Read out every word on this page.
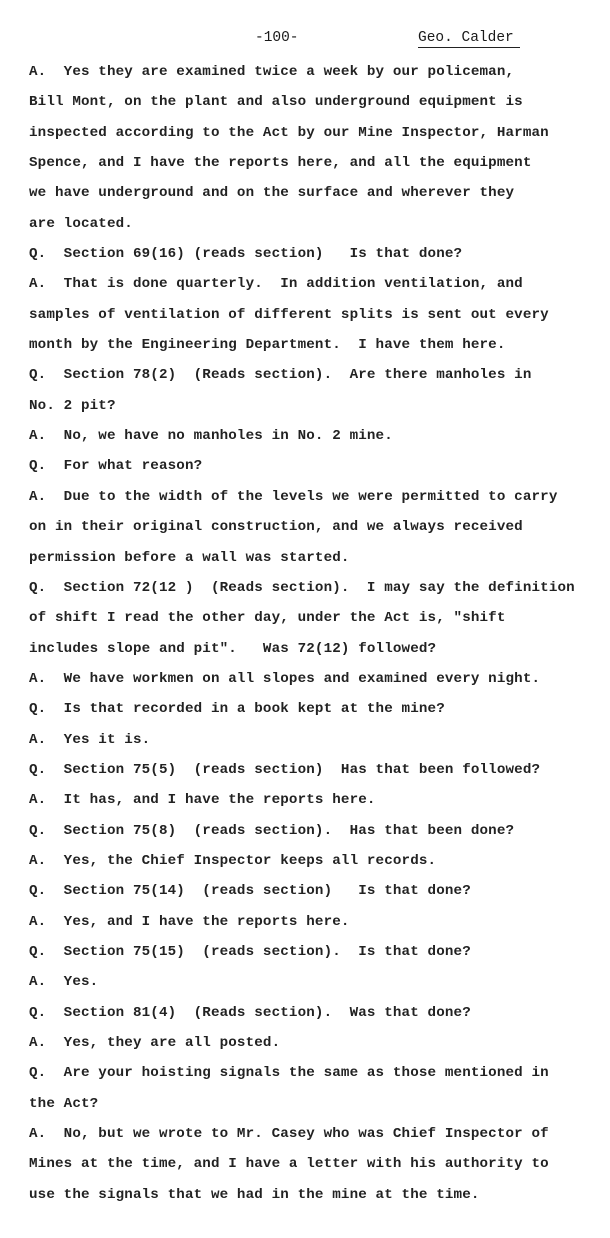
-100-	Geo. Calder
A.  Yes they are examined twice a week by our policeman,
Bill Mont, on the plant and also underground equipment is
inspected according to the Act by our Mine Inspector, Harman
Spence, and I have the reports here, and all the equipment
we have underground and on the surface and wherever they
are located.
Q.  Section 69(16) (reads section)   Is that done?
A.  That is done quarterly.  In addition ventilation, and
samples of ventilation of different splits is sent out every
month by the Engineering Department.  I have them here.
Q.  Section 78(2)  (Reads section).  Are there manholes in
No. 2 pit?
A.  No, we have no manholes in No. 2 mine.
Q.  For what reason?
A.  Due to the width of the levels we were permitted to carry
on in their original construction, and we always received
permission before a wall was started.
Q.  Section 72(12 )  (Reads section).  I may say the definition
of shift I read the other day, under the Act is, "shift
includes slope and pit".   Was 72(12) followed?
A.  We have workmen on all slopes and examined every night.
Q.  Is that recorded in a book kept at the mine?
A.  Yes it is.
Q.  Section 75(5)  (reads section)  Has that been followed?
A.  It has, and I have the reports here.
Q.  Section 75(8)  (reads section).  Has that been done?
A.  Yes, the Chief Inspector keeps all records.
Q.  Section 75(14)  (reads section)   Is that done?
A.  Yes, and I have the reports here.
Q.  Section 75(15)  (reads section).  Is that done?
A.  Yes.
Q.  Section 81(4)  (Reads section).  Was that done?
A.  Yes, they are all posted.
Q.  Are your hoisting signals the same as those mentioned in
the Act?
A.  No, but we wrote to Mr. Casey who was Chief Inspector of
Mines at the time, and I have a letter with his authority to
use the signals that we had in the mine at the time.
